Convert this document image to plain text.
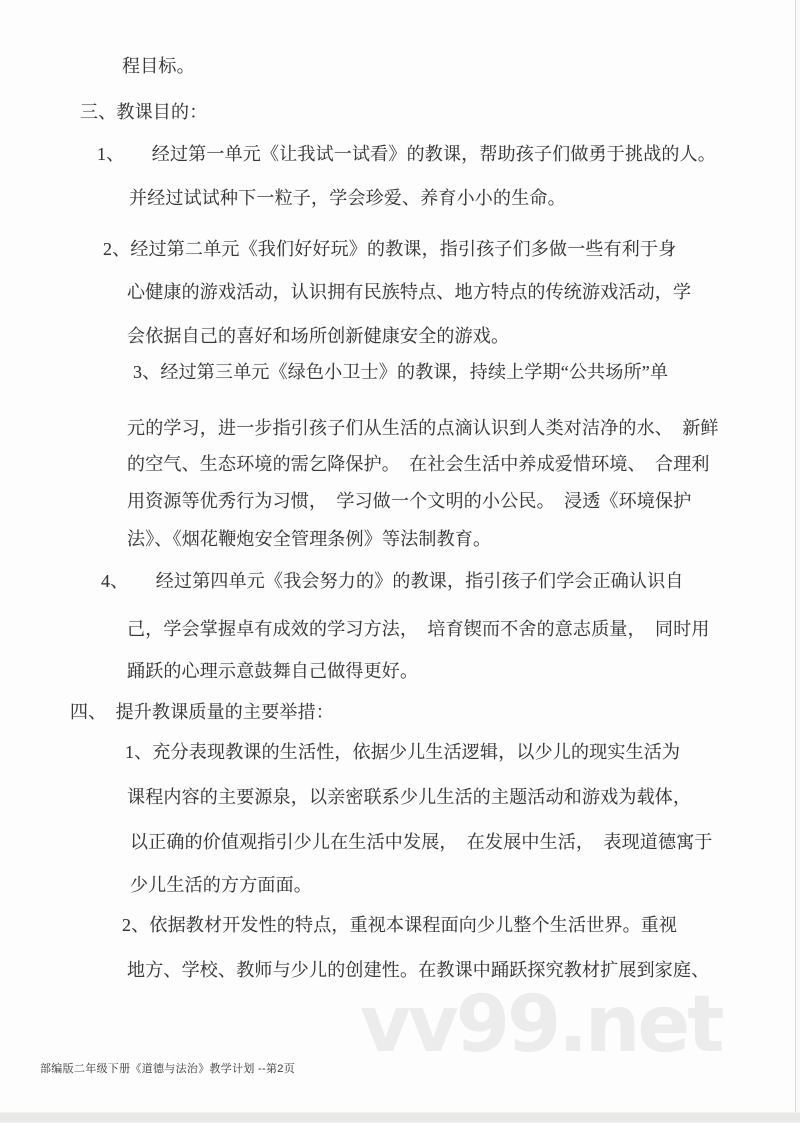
程目标。
三、教课目的：
1、　　经过第一单元《让我试一试看》的教课，帮助孩子们做勇于挑战的人。
并经过试试种下一粒子，学会珍爱、养育小小的生命。
2、经过第二单元《我们好好玩》的教课，指引孩子们多做一些有利于身
心健康的游戏活动，认识拥有民族特点、地方特点的传统游戏活动，学
会依据自己的喜好和场所创新健康安全的游戏。
3、经过第三单元《绿色小卫士》的教课，持续上学期“公共场所”单
元的学习，进一步指引孩子们从生活的点滴认识到人类对洁净的水、　新鲜
的空气、生态环境的需乞降保护。　在社会生活中养成爱惜环境、　合理利
用资源等优秀行为习惯，　学习做一个文明的小公民。　浸透《环境保护
法》、《烟花鞭炮安全管理条例》等法制教育。
4、　　经过第四单元《我会努力的》的教课，指引孩子们学会正确认识自
己，学会掌握卓有成效的学习方法，　培育锲而不舍的意志质量，　同时用
踊跃的心理示意鼓舞自己做得更好。
四、　提升教课质量的主要举措：
1、充分表现教课的生活性，依据少儿生活逻辑，以少儿的现实生活为
课程内容的主要源泉，以亲密联系少儿生活的主题活动和游戏为载体，
以正确的价值观指引少儿在生活中发展，　在发展中生活，　表现道德寓于
少儿生活的方方面面。
2、依据教材开发性的特点，重视本课程面向少儿整个生活世界。重视
地方、学校、教师与少儿的创建性。在教课中踊跃探究教材扩展到家庭、
vv99.net
部编版二年级下册《道德与法治》教学计划 --第2页
